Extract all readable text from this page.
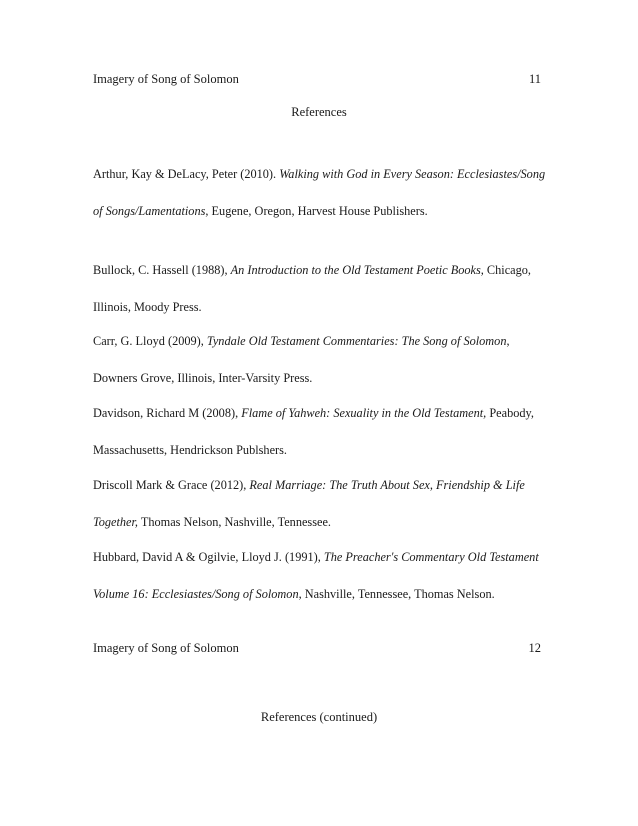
Imagery of Song of Solomon	11
References

Arthur, Kay & DeLacy, Peter (2010). Walking with God in Every Season: Ecclesiastes/Song of Songs/Lamentations, Eugene, Oregon, Harvest House Publishers.

Bullock, C. Hassell (1988), An Introduction to the Old Testament Poetic Books, Chicago, Illinois, Moody Press.

Carr, G. Lloyd (2009), Tyndale Old Testament Commentaries: The Song of Solomon, Downers Grove, Illinois, Inter-Varsity Press.

Davidson, Richard M (2008), Flame of Yahweh: Sexuality in the Old Testament, Peabody, Massachusetts, Hendrickson Publshers.

Driscoll Mark & Grace (2012), Real Marriage: The Truth About Sex, Friendship & Life Together, Thomas Nelson, Nashville, Tennessee.

Hubbard, David A & Ogilvie, Lloyd J. (1991), The Preacher's Commentary Old Testament Volume 16: Ecclesiastes/Song of Solomon, Nashville, Tennessee, Thomas Nelson.

Imagery of Song of Solomon	12
References (continued)
